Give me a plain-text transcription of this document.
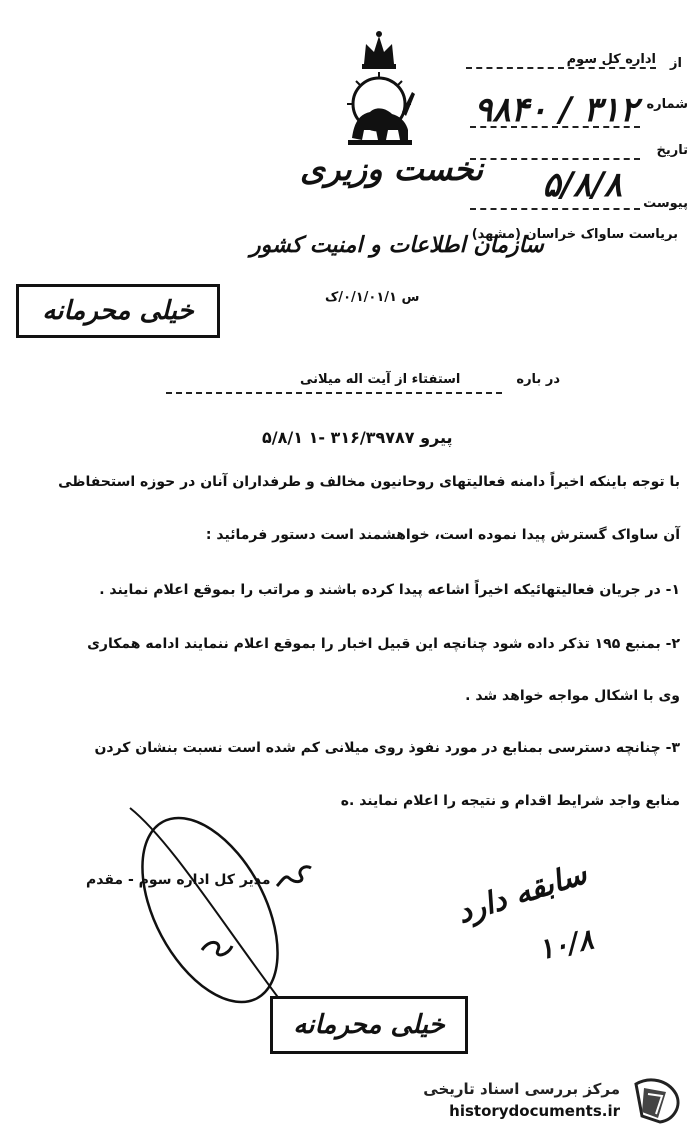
از
اداره کل سوم
شماره
۹۸۴۰ / ۳۱۲
تاریخ
۵/۸/۸ پیوست
نخست وزیری
بریاست ساواک خراسان (مشهد)
سازمان اطلاعات و امنیت کشور
س ۰/۱/۰۱/۱/ک
خیلی محرمانه
در باره
استفتاء از آیت اله میلانی
پیرو ۳۱۶/۳۹۷۸۷ -۱ ۵/۸/۱
با توجه باینکه اخیراً دامنه فعالیتهای روحانیون مخالف و طرفداران آنان در حوزه استحفاظی
آن ساواک گسترش پیدا نموده است، خواهشمند است دستور فرمائید :
۱- در جریان فعالیتهائیکه اخیراً اشاعه پیدا کرده باشند و مراتب را بموقع اعلام نمایند .
۲- بمنبع ۱۹۵ تذکر داده شود چنانچه این قبیل اخبار را بموقع اعلام ننمایند ادامه همکاری
وی با اشکال مواجه خواهد شد .
۳- چنانچه دسترسی بمنابع در مورد نفوذ روی میلانی کم شده است نسبت بنشان کردن
منابع واجد شرایط اقدام و نتیجه را اعلام نمایند .ه
مدیر کل اداره سوم - مقدم	سابقه دارد
۱۰/۸
خیلی محرمانه
مرکز بررسی اسناد تاریخی
historydocuments.ir
